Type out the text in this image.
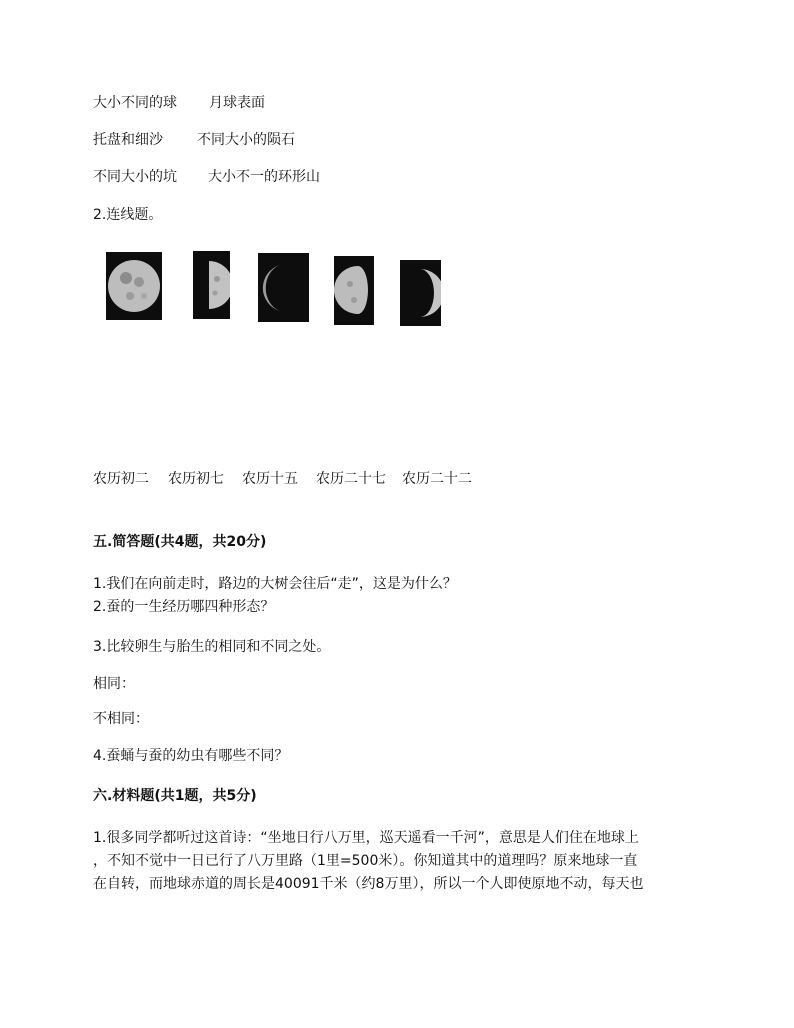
大小不同的球 月球表面
托盘和细沙 不同大小的陨石
不同大小的坑 大小不一的环形山
2.连线题。
农历初二 农历初七 农历十五 农历二十七 农历二十二
五.简答题(共4题，共20分)
1.我们在向前走时，路边的大树会往后“走”，这是为什么？
2.蚕的一生经历哪四种形态？
3.比较卵生与胎生的相同和不同之处。
相同：
不相同：
4.蚕蛹与蚕的幼虫有哪些不同？
六.材料题(共1题，共5分)
1.很多同学都听过这首诗：“坐地日行八万里，巡天遥看一千河”，意思是人们住在地球上
，不知不觉中一日已行了八万里路（1里=500米）。你知道其中的道理吗？原来地球一直
在自转，而地球赤道的周长是40091千米（约8万里），所以一个人即使原地不动，每天也
